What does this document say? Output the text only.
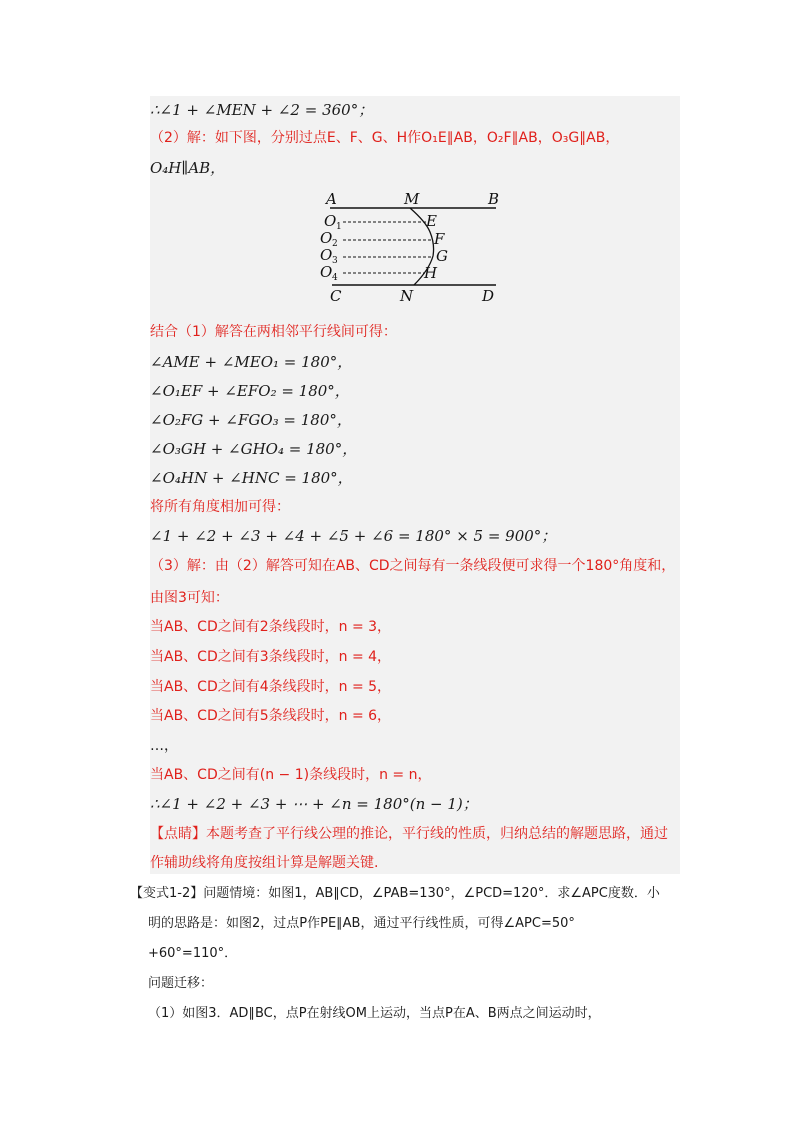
∴∠1 + ∠MEN + ∠2 = 360°；
（2）解：如下图，分别过点E、F、G、H作O₁E∥AB，O₂F∥AB，O₃G∥AB，
O₄H∥AB，
A	M	B
O 1
O 2
O 3
O 4
E
F
G
H
C	N	D
结合（1）解答在两相邻平行线间可得：
∠AME + ∠MEO₁ = 180°，
∠O₁EF + ∠EFO₂ = 180°，
∠O₂FG + ∠FGO₃ = 180°，
∠O₃GH + ∠GHO₄ = 180°，
∠O₄HN + ∠HNC = 180°，
将所有角度相加可得：
∠1 + ∠2 + ∠3 + ∠4 + ∠5 + ∠6 = 180° × 5 = 900°；
（3）解：由（2）解答可知在AB、CD之间每有一条线段便可求得一个180°角度和，
由图3可知：
当AB、CD之间有2条线段时，n = 3，
当AB、CD之间有3条线段时，n = 4，
当AB、CD之间有4条线段时，n = 5，
当AB、CD之间有5条线段时，n = 6，
…，
当AB、CD之间有(n − 1)条线段时，n = n，
∴∠1 + ∠2 + ∠3 + ⋯ + ∠n = 180°(n − 1)；
【点睛】本题考查了平行线公理的推论，平行线的性质，归纳总结的解题思路，通过
作辅助线将角度按组计算是解题关键.
【变式1-2】问题情境：如图1，AB∥CD，∠PAB=130°，∠PCD=120°．求∠APC度数．小
明的思路是：如图2，过点P作PE∥AB，通过平行线性质，可得∠APC=50°
+60°=110°．
问题迁移：
（1）如图3．AD∥BC，点P在射线OM上运动，当点P在A、B两点之间运动时，
